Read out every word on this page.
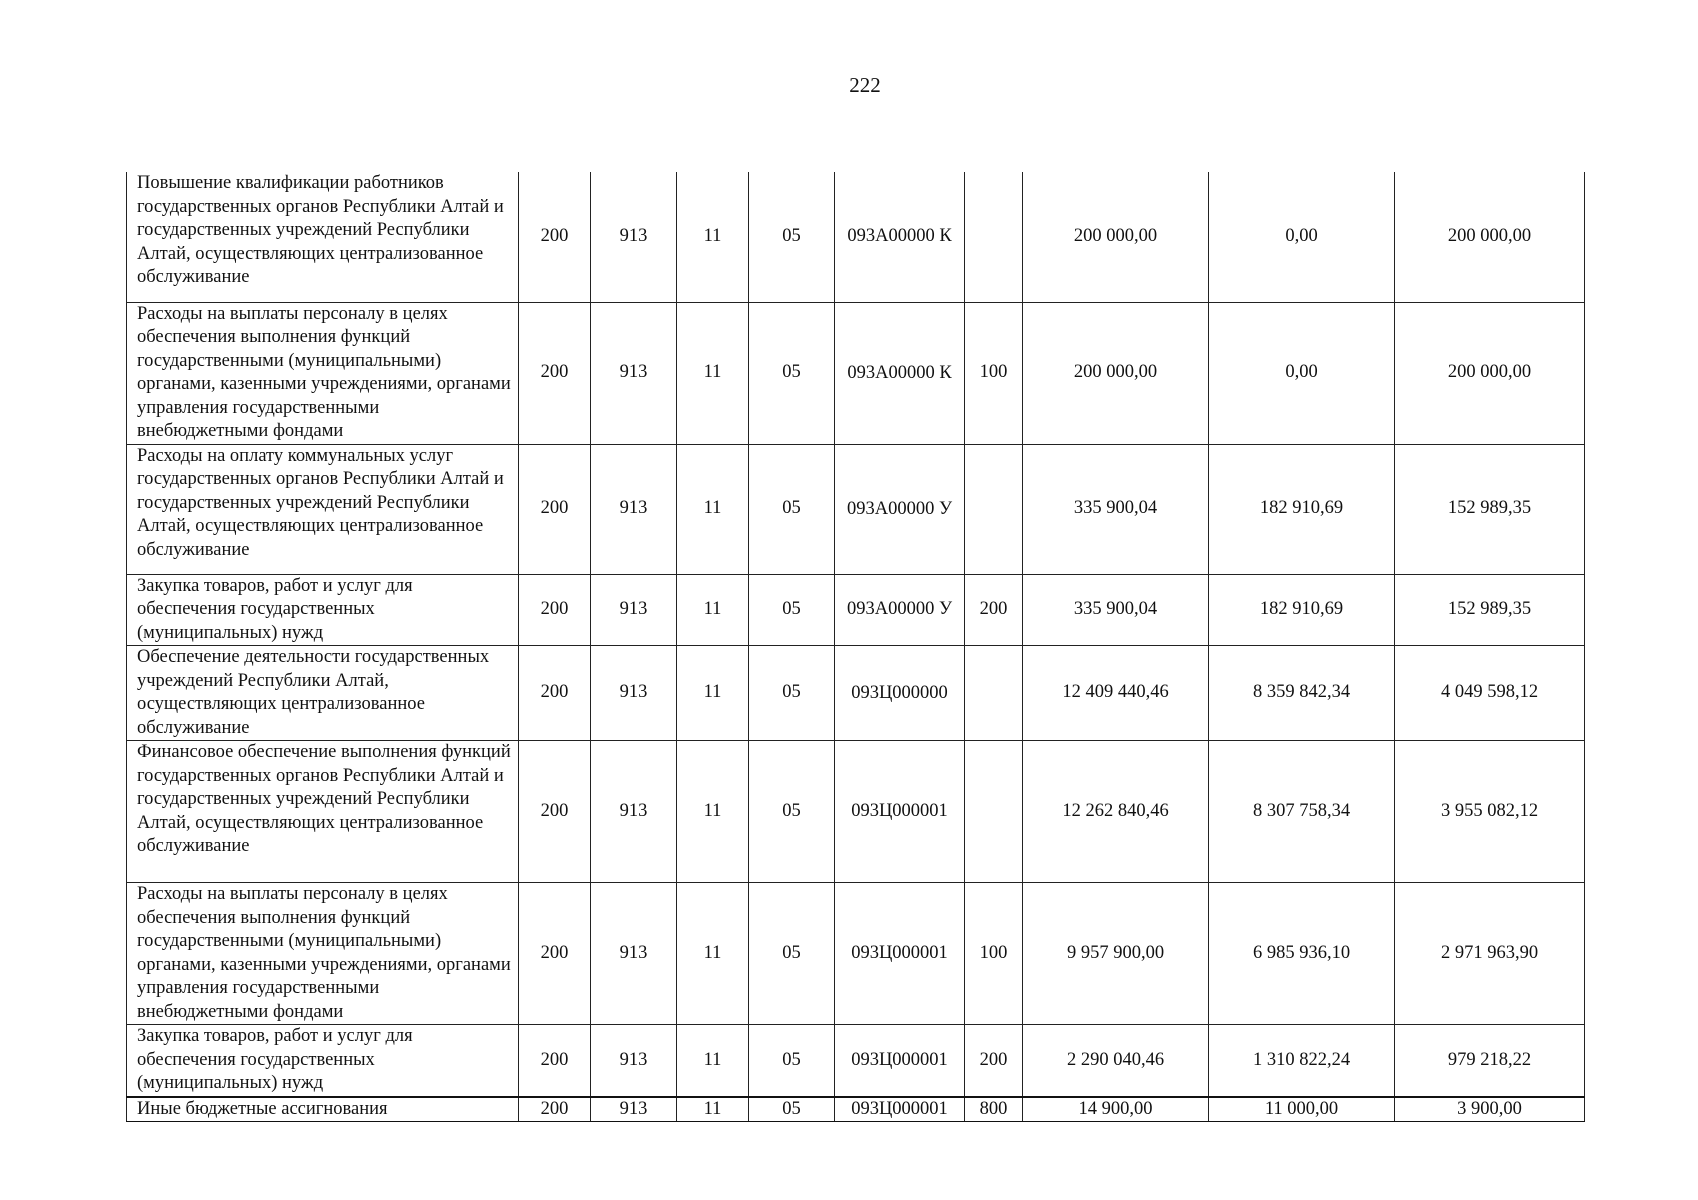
222
Повышение квалификации работников государственных органов Республики Алтай и государственных учреждений Республики Алтай, осуществляющих централизованное обслуживание	200	913	11	05	093А00000 К		200 000,00	0,00	200 000,00
Расходы на выплаты персоналу в целях обеспечения выполнения функций государственными (муниципальными) органами, казенными учреждениями, органами управления государственными внебюджетными фондами	200	913	11	05	093А00000 К	100	200 000,00	0,00	200 000,00
Расходы на оплату коммунальных услуг государственных органов Республики Алтай и государственных учреждений Республики Алтай, осуществляющих централизованное обслуживание	200	913	11	05	093А00000 У		335 900,04	182 910,69	152 989,35
Закупка товаров, работ и услуг для обеспечения государственных (муниципальных) нужд	200	913	11	05	093А00000 У	200	335 900,04	182 910,69	152 989,35
Обеспечение деятельности государственных учреждений Республики Алтай, осуществляющих централизованное обслуживание	200	913	11	05	093Ц000000		12 409 440,46	8 359 842,34	4 049 598,12
Финансовое обеспечение выполнения функций государственных органов Республики Алтай и государственных учреждений Республики Алтай, осуществляющих централизованное обслуживание	200	913	11	05	093Ц000001		12 262 840,46	8 307 758,34	3 955 082,12
Расходы на выплаты персоналу в целях обеспечения выполнения функций государственными (муниципальными) органами, казенными учреждениями, органами управления государственными внебюджетными фондами	200	913	11	05	093Ц000001	100	9 957 900,00	6 985 936,10	2 971 963,90
Закупка товаров, работ и услуг для обеспечения государственных (муниципальных) нужд	200	913	11	05	093Ц000001	200	2 290 040,46	1 310 822,24	979 218,22
Иные бюджетные ассигнования	200	913	11	05	093Ц000001	800	14 900,00	11 000,00	3 900,00
